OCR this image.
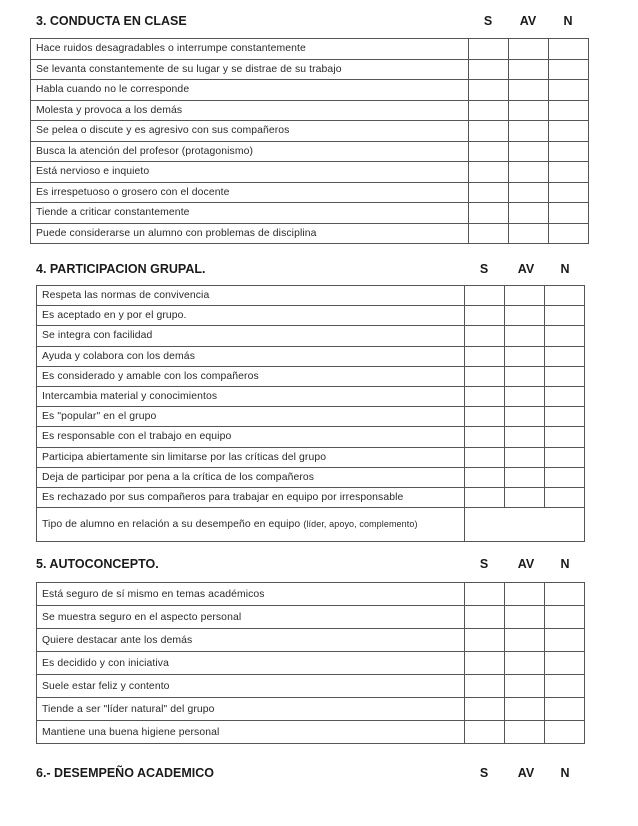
3. CONDUCTA EN CLASE	S	AV	N
Hace ruidos desagradables o interrumpe constantemente			
Se levanta constantemente de su lugar y se distrae de su trabajo			
Habla cuando no le corresponde			
Molesta y provoca a los demás			
Se pelea o discute y es agresivo con sus compañeros			
Busca la atención del profesor (protagonismo)			
Está nervioso e inquieto			
Es irrespetuoso o grosero con el docente			
Tiende a criticar constantemente			
Puede considerarse un alumno con problemas de disciplina			
4. PARTICIPACION GRUPAL.	S	AV	N
Respeta las normas de convivencia			
Es aceptado en y por el grupo.			
Se integra con facilidad			
Ayuda y colabora con los demás			
Es considerado y amable con los compañeros			
Intercambia material y conocimientos			
Es "popular" en el grupo			
Es responsable con el trabajo en equipo			
Participa abiertamente sin limitarse por las críticas del grupo			
Deja de participar por pena a la crítica de los compañeros			
Es rechazado por sus compañeros para trabajar en equipo por irresponsable			
Tipo de alumno en relación a su desempeño en equipo (líder, apoyo, complemento)			
5. AUTOCONCEPTO.	S	AV	N
Está seguro de sí mismo en temas académicos			
Se muestra seguro en el aspecto personal			
Quiere destacar ante los demás			
Es decidido y con iniciativa			
Suele estar feliz y contento			
Tiende a ser "líder natural" del grupo			
Mantiene una buena higiene personal			
6.- DESEMPEÑO ACADEMICO	S	AV	N
